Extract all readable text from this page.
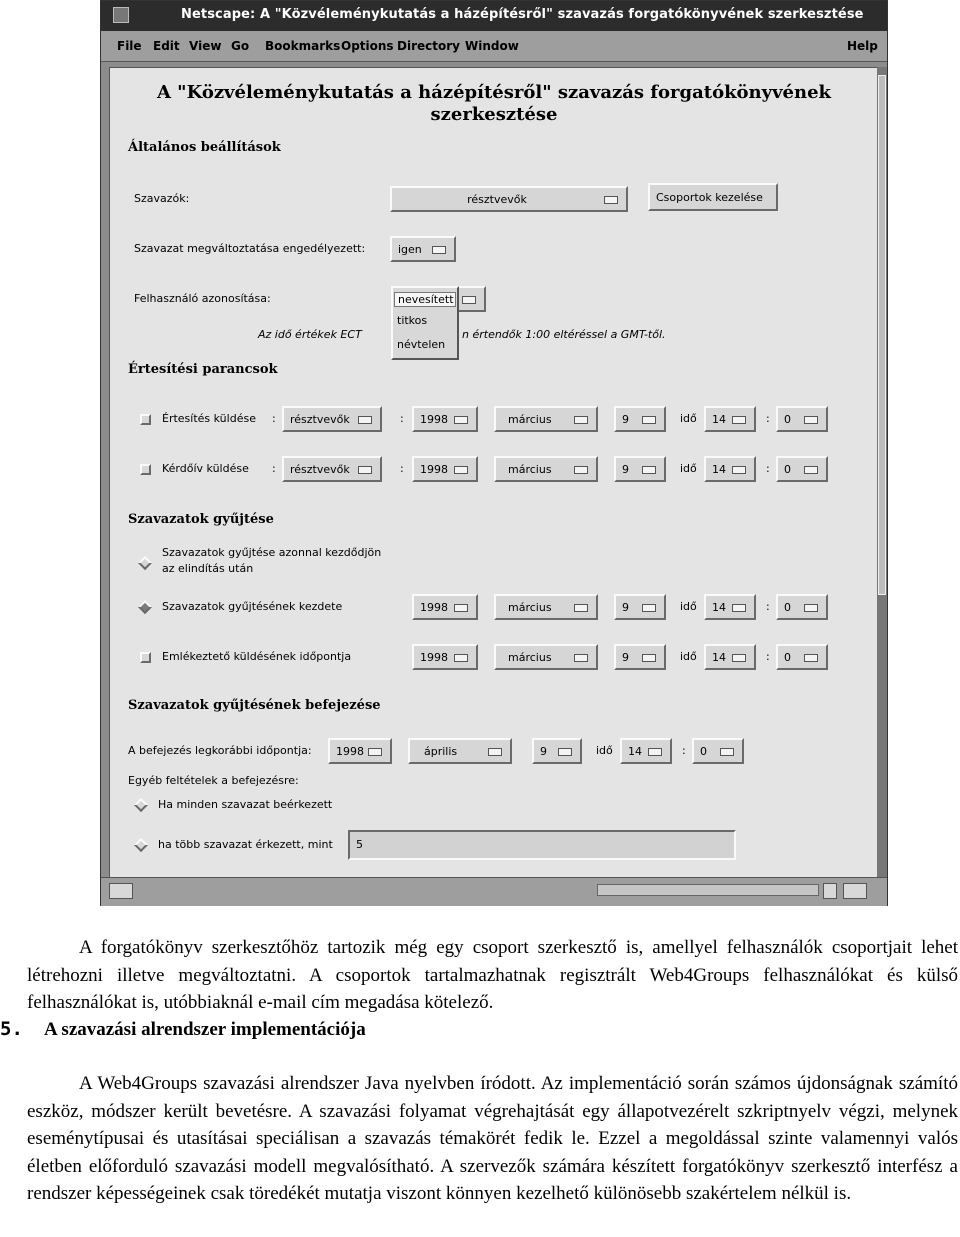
Netscape: A "Közvéleménykutatás a házépítésről" szavazás forgatókönyvének szerkesztése
File Edit View Go Bookmarks Options Directory Window	Help
A "Közvéleménykutatás a házépítésről" szavazás forgatókönyvének szerkesztése
Általános beállítások
Szavazók:	résztvevők	Csoportok kezelése
Szavazat megváltoztatása engedélyezett:	igen
Felhasználó azonosítása:
Az idő értékek ECT	n értendők 1:00 eltéréssel a GMT-től.
nevesített
titkos
névtelen
Értesítési parancsok
Értesítés küldése : résztvevők	: 1998	március	9	idő 14	: 0
Kérdőív küldése : résztvevők	: 1998	március	9	idő 14	: 0
Szavazatok gyűjtése
Szavazatok gyűjtése azonnal kezdődjön
az elindítás után
Szavazatok gyűjtésének kezdete	1998	március	9	idő 14	: 0
Emlékeztető küldésének időpontja	1998	március	9	idő 14	: 0
Szavazatok gyűjtésének befejezése
A befejezés legkorábbi időpontja: 1998	április	9	idő 14	: 0
Egyéb feltételek a befejezésre:
Ha minden szavazat beérkezett
ha több szavazat érkezett, mint 5

A forgatókönyv szerkesztőhöz tartozik még egy csoport szerkesztő is, amellyel felhasználók csoportjait lehet létrehozni illetve megváltoztatni. A csoportok tartalmazhatnak regisztrált Web4Groups felhasználókat és külső felhasználókat is, utóbbiaknál e-mail cím megadása kötelező.

5. A szavazási alrendszer implementációja

A Web4Groups szavazási alrendszer Java nyelvben íródott. Az implementáció során számos újdonságnak számító eszköz, módszer került bevetésre. A szavazási folyamat végrehajtását egy állapotvezérelt szkriptnyelv végzi, melynek eseménytípusai és utasításai speciálisan a szavazás témakörét fedik le. Ezzel a megoldással szinte valamennyi valós életben előforduló szavazási modell megvalósítható. A szervezők számára készített forgatókönyv szerkesztő interfész a rendszer képességeinek csak töredékét mutatja viszont könnyen kezelhető különösebb szakértelem nélkül is.
